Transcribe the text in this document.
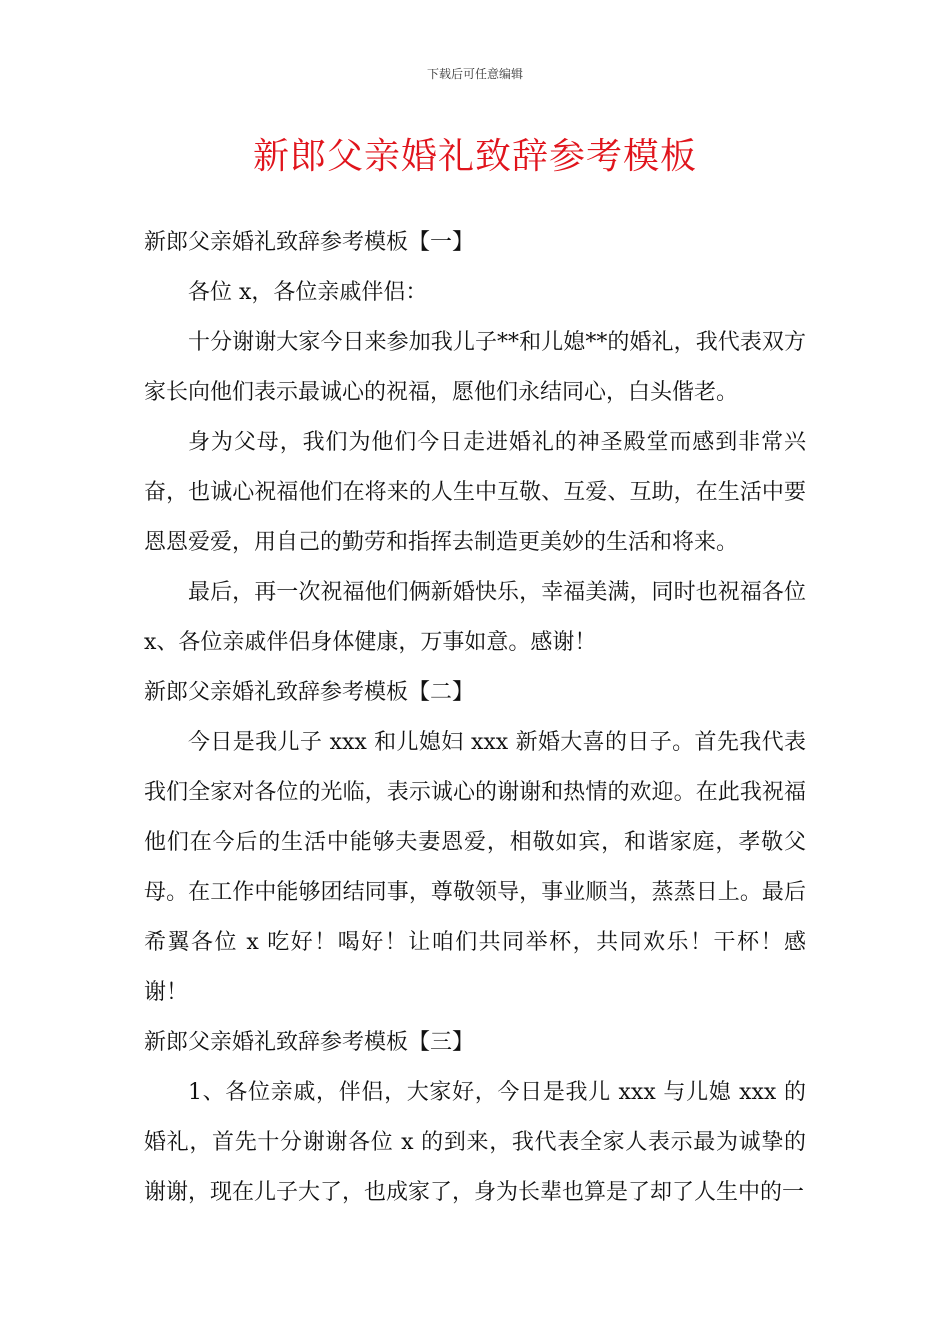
下载后可任意编辑
新郎父亲婚礼致辞参考模板

新郎父亲婚礼致辞参考模板【一】

各位 x，各位亲戚伴侣：

十分谢谢大家今日来参加我儿子**和儿媳**的婚礼，我代表双方家长向他们表示最诚心的祝福，愿他们永结同心，白头偕老。

身为父母，我们为他们今日走进婚礼的神圣殿堂而感到非常兴奋，也诚心祝福他们在将来的人生中互敬、互爱、互助，在生活中要恩恩爱爱，用自己的勤劳和指挥去制造更美妙的生活和将来。

最后，再一次祝福他们俩新婚快乐，幸福美满，同时也祝福各位 x、各位亲戚伴侣身体健康，万事如意。感谢！

新郎父亲婚礼致辞参考模板【二】

今日是我儿子 xxx 和儿媳妇 xxx 新婚大喜的日子。首先我代表我们全家对各位的光临，表示诚心的谢谢和热情的欢迎。在此我祝福他们在今后的生活中能够夫妻恩爱，相敬如宾，和谐家庭，孝敬父母。在工作中能够团结同事，尊敬领导，事业顺当，蒸蒸日上。最后希翼各位 x 吃好！喝好！让咱们共同举杯，共同欢乐！干杯！感谢！

新郎父亲婚礼致辞参考模板【三】

1、各位亲戚，伴侣，大家好，今日是我儿 xxx 与儿媳 xxx 的婚礼，首先十分谢谢各位 x 的到来，我代表全家人表示最为诚挚的谢谢，现在儿子大了，也成家了，身为长辈也算是了却了人生中的一
